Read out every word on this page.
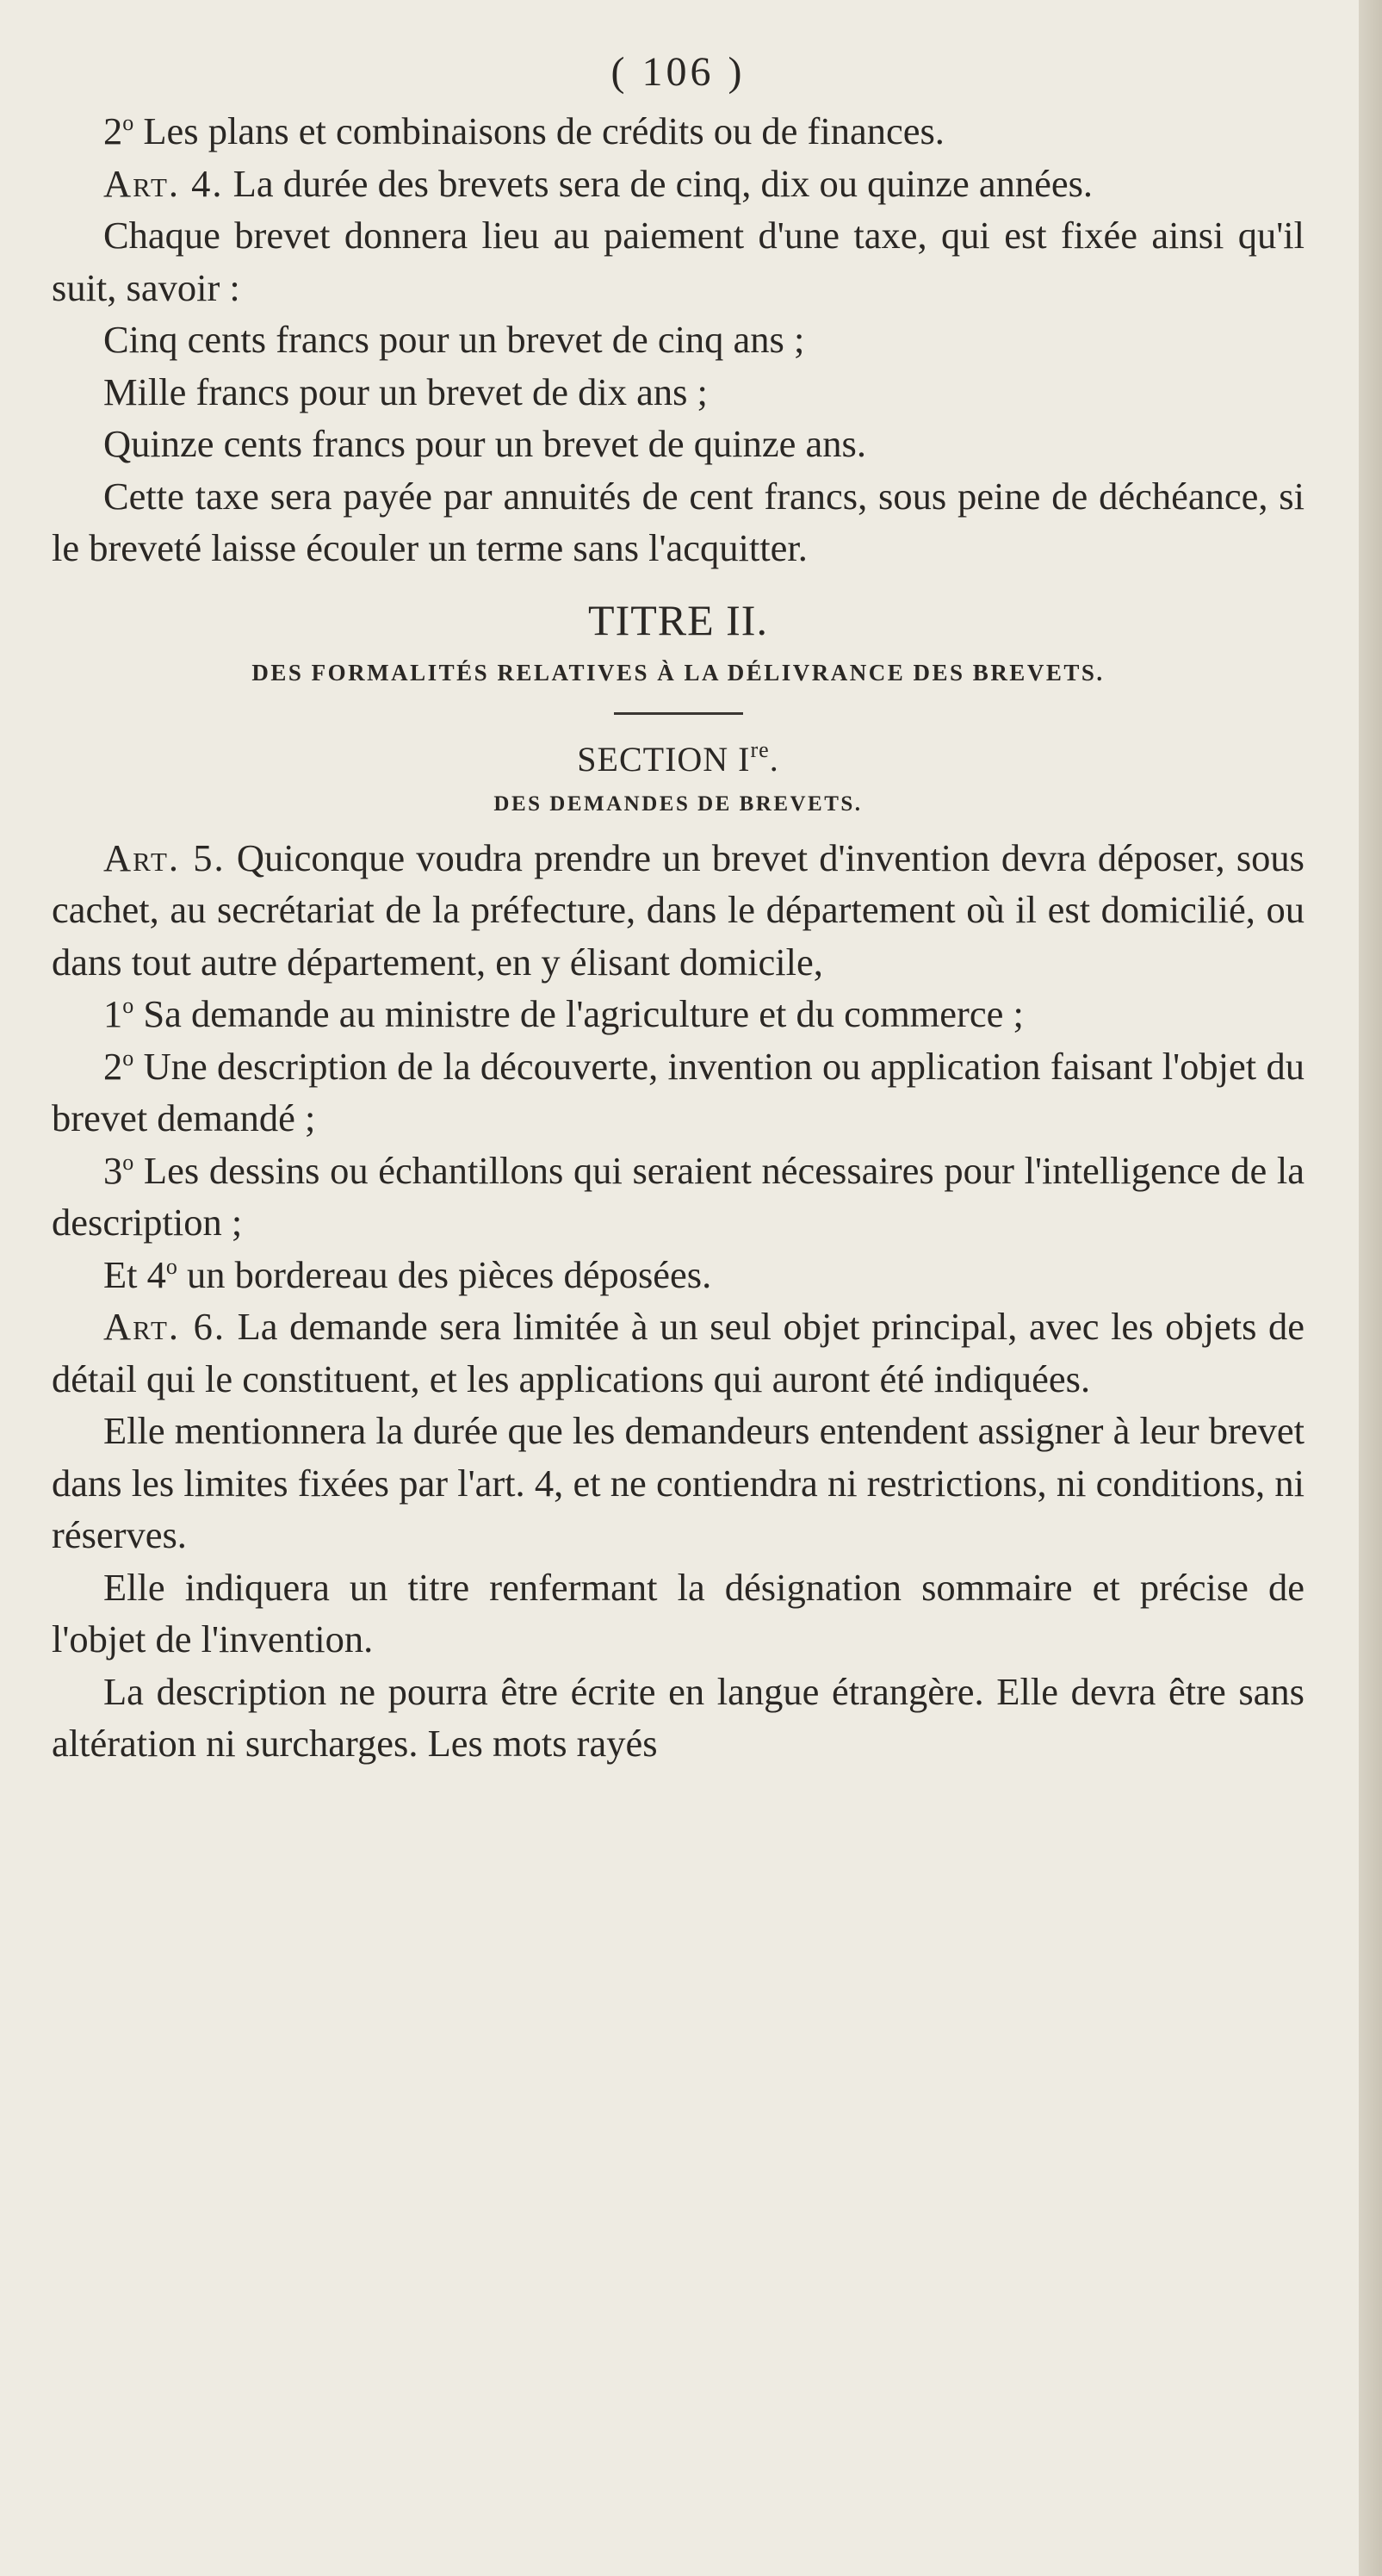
( 106 )

2$^o$ Les plans et combinaisons de crédits ou de finances.

Art. 4. La durée des brevets sera de cinq, dix ou quinze années.

Chaque brevet donnera lieu au paiement d'une taxe, qui est fixée ainsi qu'il suit, savoir :

Cinq cents francs pour un brevet de cinq ans ;

Mille francs pour un brevet de dix ans ;

Quinze cents francs pour un brevet de quinze ans.

Cette taxe sera payée par annuités de cent francs, sous peine de déchéance, si le breveté laisse écouler un terme sans l'acquitter.

TITRE II.
DES FORMALITÉS RELATIVES À LA DÉLIVRANCE DES BREVETS.
SECTION Ire.
DES DEMANDES DE BREVETS.

Art. 5. Quiconque voudra prendre un brevet d'invention devra déposer, sous cachet, au secrétariat de la préfecture, dans le département où il est domicilié, ou dans tout autre département, en y élisant domicile,

1$^o$ Sa demande au ministre de l'agriculture et du commerce ;

2$^o$ Une description de la découverte, invention ou application faisant l'objet du brevet demandé ;

3$^o$ Les dessins ou échantillons qui seraient nécessaires pour l'intelligence de la description ;

Et 4$^o$ un bordereau des pièces déposées.

Art. 6. La demande sera limitée à un seul objet principal, avec les objets de détail qui le constituent, et les applications qui auront été indiquées.

Elle mentionnera la durée que les demandeurs entendent assigner à leur brevet dans les limites fixées par l'art. 4, et ne contiendra ni restrictions, ni conditions, ni réserves.

Elle indiquera un titre renfermant la désignation sommaire et précise de l'objet de l'invention.

La description ne pourra être écrite en langue étrangère. Elle devra être sans altération ni surcharges. Les mots rayés
